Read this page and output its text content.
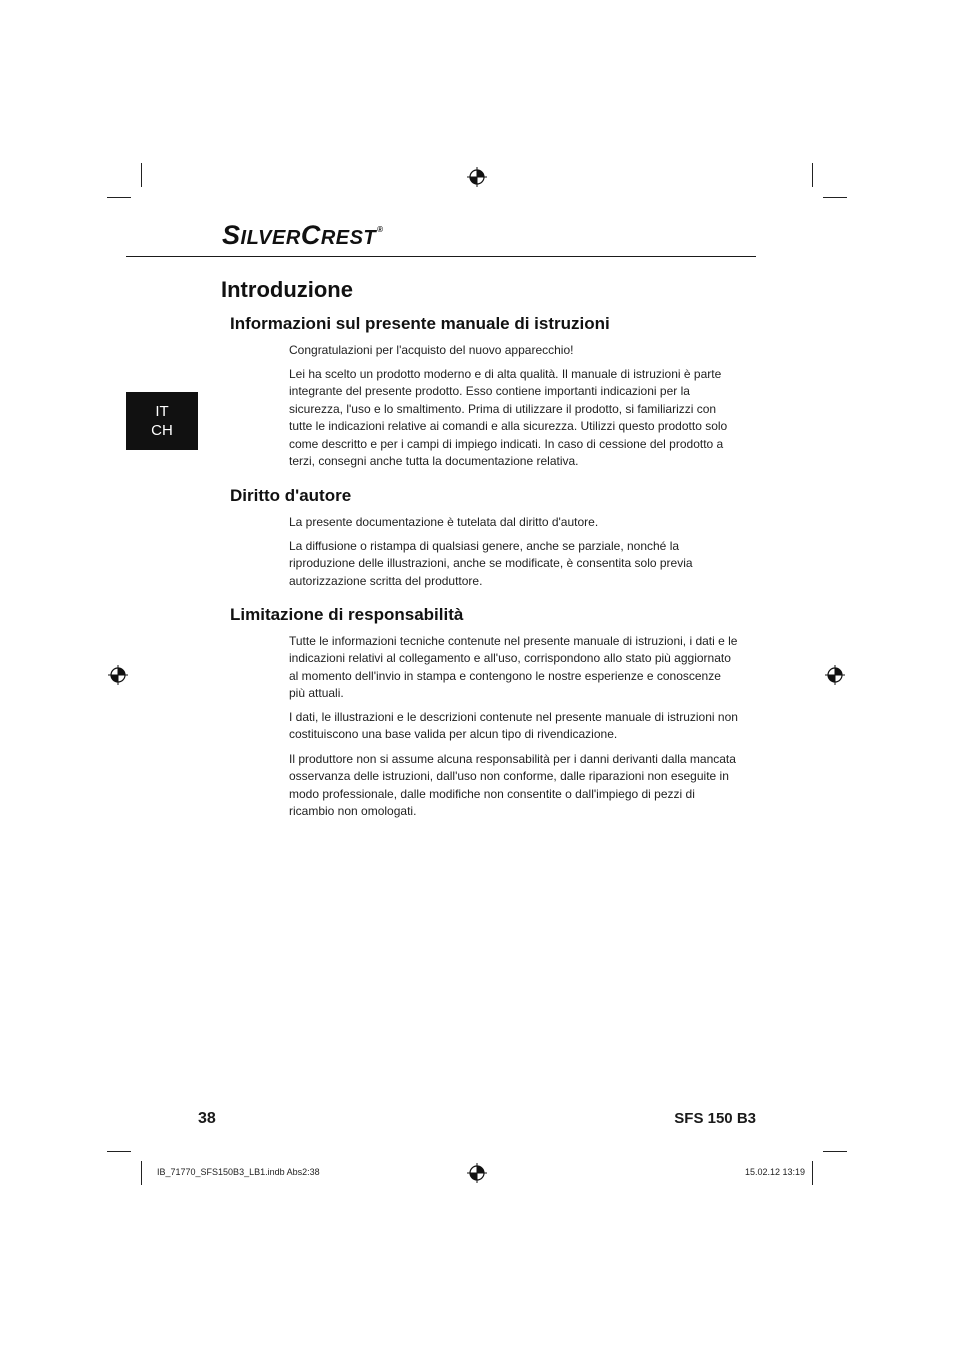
SILVERCREST®
IT
CH
Introduzione
Informazioni sul presente manuale di istruzioni

Congratulazioni per l'acquisto del nuovo apparecchio!

Lei ha scelto un prodotto moderno e di alta qualità. Il manuale di istruzioni è parte integrante del presente prodotto. Esso contiene importanti indicazioni per la sicurezza, l'uso e lo smaltimento. Prima di utilizzare il prodotto, si familiarizzi con tutte le indicazioni relative ai comandi e alla sicurezza. Utilizzi questo prodotto solo come descritto e per i campi di impiego indicati. In caso di cessione del prodotto a terzi, consegni anche tutta la documentazione relativa.

Diritto d'autore

La presente documentazione è tutelata dal diritto d'autore.

La diffusione o ristampa di qualsiasi genere, anche se parziale, nonché la riproduzione delle illustrazioni, anche se modificate, è consentita solo previa autorizzazione scritta del produttore.

Limitazione di responsabilità

Tutte le informazioni tecniche contenute nel presente manuale di istruzioni, i dati e le indicazioni relativi al collegamento e all'uso, corrispondono allo stato più aggiornato al momento dell'invio in stampa e contengono le nostre esperienze e conoscenze più attuali.

I dati, le illustrazioni e le descrizioni contenute nel presente manuale di istruzioni non costituiscono una base valida per alcun tipo di rivendicazione.

Il produttore non si assume alcuna responsabilità per i danni derivanti dalla mancata osservanza delle istruzioni, dall'uso non conforme, dalle riparazioni non eseguite in modo professionale, dalle modifiche non consentite o dall'impiego di pezzi di ricambio non omologati.

38	SFS 150 B3
IB_71770_SFS150B3_LB1.indb Abs2:38	15.02.12 13:19
